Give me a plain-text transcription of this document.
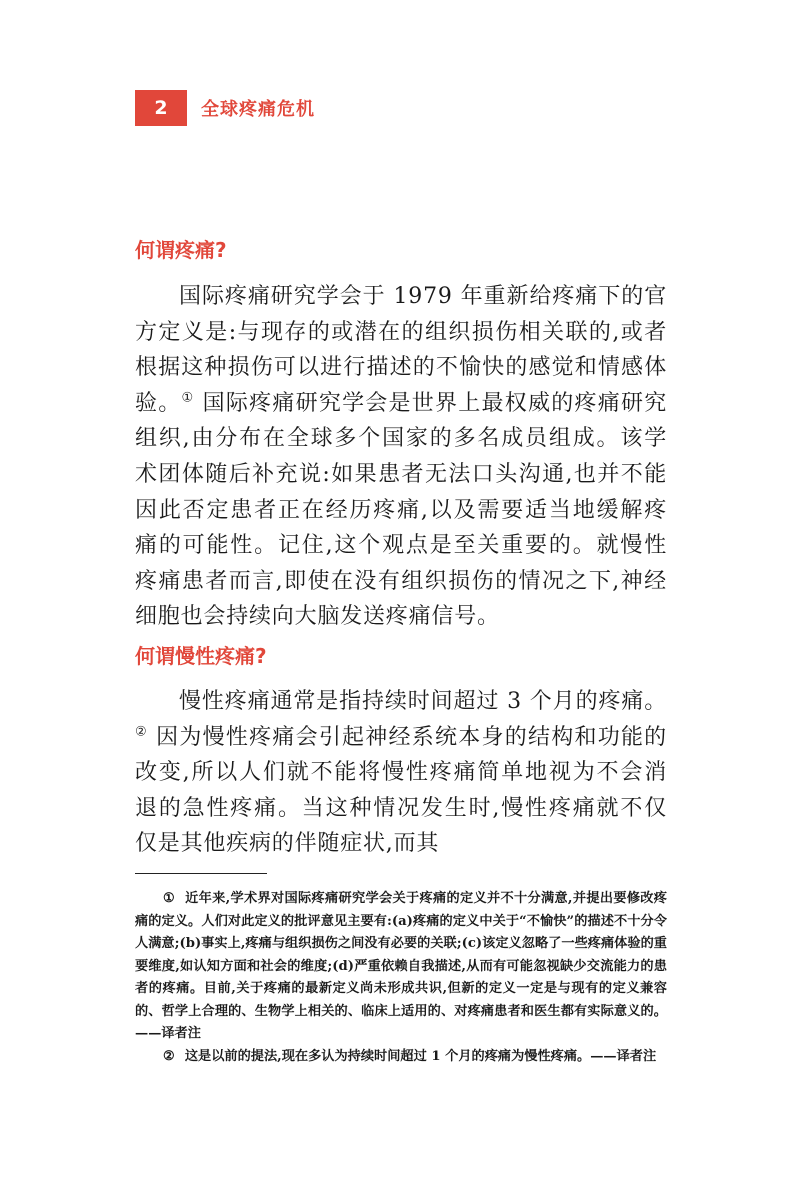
2	全球疼痛危机
何谓疼痛?

国际疼痛研究学会于 1979 年重新给疼痛下的官方定义是:与现存的或潜在的组织损伤相关联的,或者根据这种损伤可以进行描述的不愉快的感觉和情感体验。① 国际疼痛研究学会是世界上最权威的疼痛研究组织,由分布在全球多个国家的多名成员组成。该学术团体随后补充说:如果患者无法口头沟通,也并不能因此否定患者正在经历疼痛,以及需要适当地缓解疼痛的可能性。记住,这个观点是至关重要的。就慢性疼痛患者而言,即使在没有组织损伤的情况之下,神经细胞也会持续向大脑发送疼痛信号。

何谓慢性疼痛?

慢性疼痛通常是指持续时间超过 3 个月的疼痛。② 因为慢性疼痛会引起神经系统本身的结构和功能的改变,所以人们就不能将慢性疼痛简单地视为不会消退的急性疼痛。当这种情况发生时,慢性疼痛就不仅仅是其他疾病的伴随症状,而其

① 近年来,学术界对国际疼痛研究学会关于疼痛的定义并不十分满意,并提出要修改疼痛的定义。人们对此定义的批评意见主要有:(a)疼痛的定义中关于“不愉快”的描述不十分令人满意;(b)事实上,疼痛与组织损伤之间没有必要的关联;(c)该定义忽略了一些疼痛体验的重要维度,如认知方面和社会的维度;(d)严重依赖自我描述,从而有可能忽视缺少交流能力的患者的疼痛。目前,关于疼痛的最新定义尚未形成共识,但新的定义一定是与现有的定义兼容的、哲学上合理的、生物学上相关的、临床上适用的、对疼痛患者和医生都有实际意义的。——译者注

② 这是以前的提法,现在多认为持续时间超过 1 个月的疼痛为慢性疼痛。——译者注
